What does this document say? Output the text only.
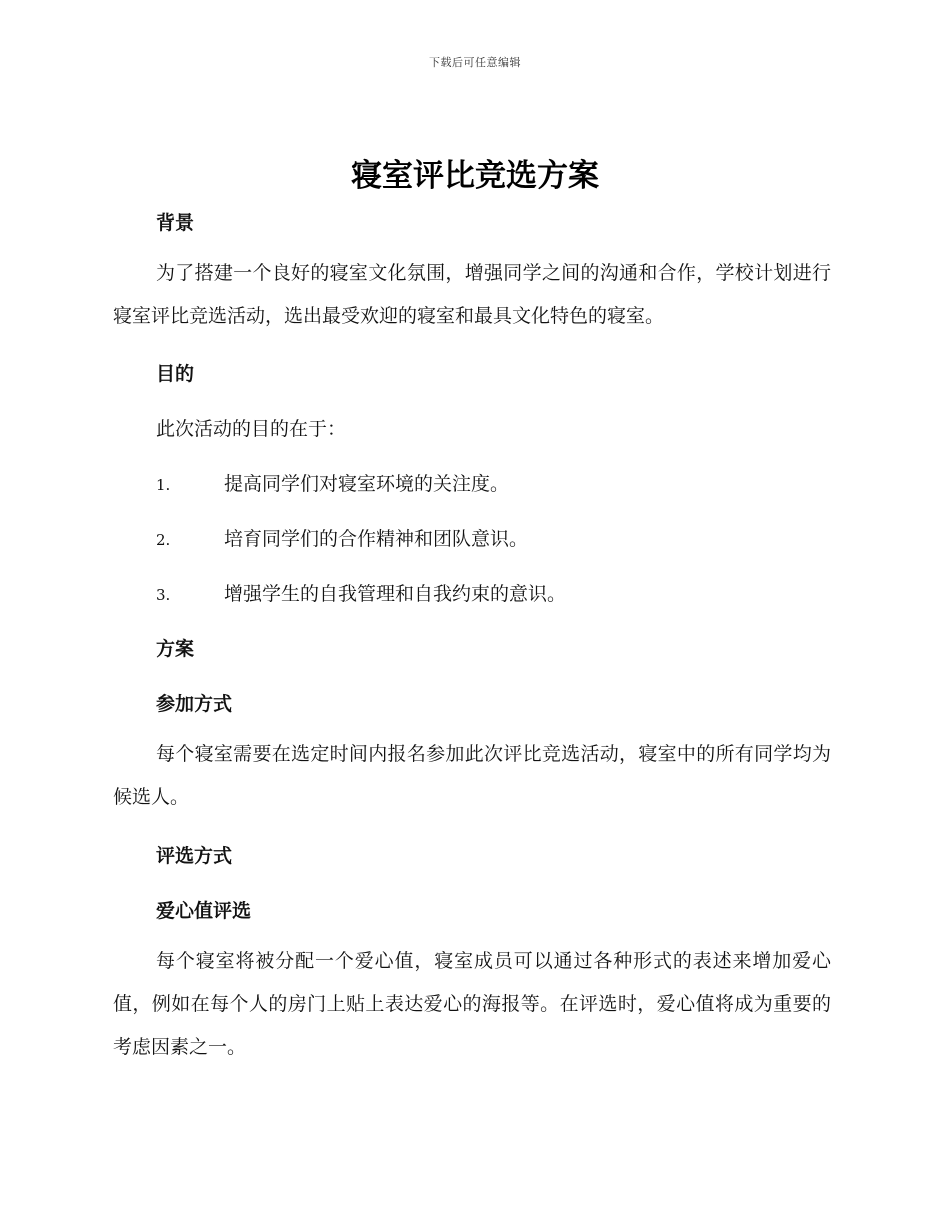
下载后可任意编辑
寝室评比竞选方案
背景

为了搭建一个良好的寝室文化氛围，增强同学之间的沟通和合作，学校计划进行寝室评比竞选活动，选出最受欢迎的寝室和最具文化特色的寝室。

目的

此次活动的目的在于：

1.	提高同学们对寝室环境的关注度。
2.	培育同学们的合作精神和团队意识。
3.	增强学生的自我管理和自我约束的意识。
方案
参加方式

每个寝室需要在选定时间内报名参加此次评比竞选活动，寝室中的所有同学均为候选人。

评选方式
爱心值评选

每个寝室将被分配一个爱心值，寝室成员可以通过各种形式的表述来增加爱心值，例如在每个人的房门上贴上表达爱心的海报等。在评选时，爱心值将成为重要的考虑因素之一。
